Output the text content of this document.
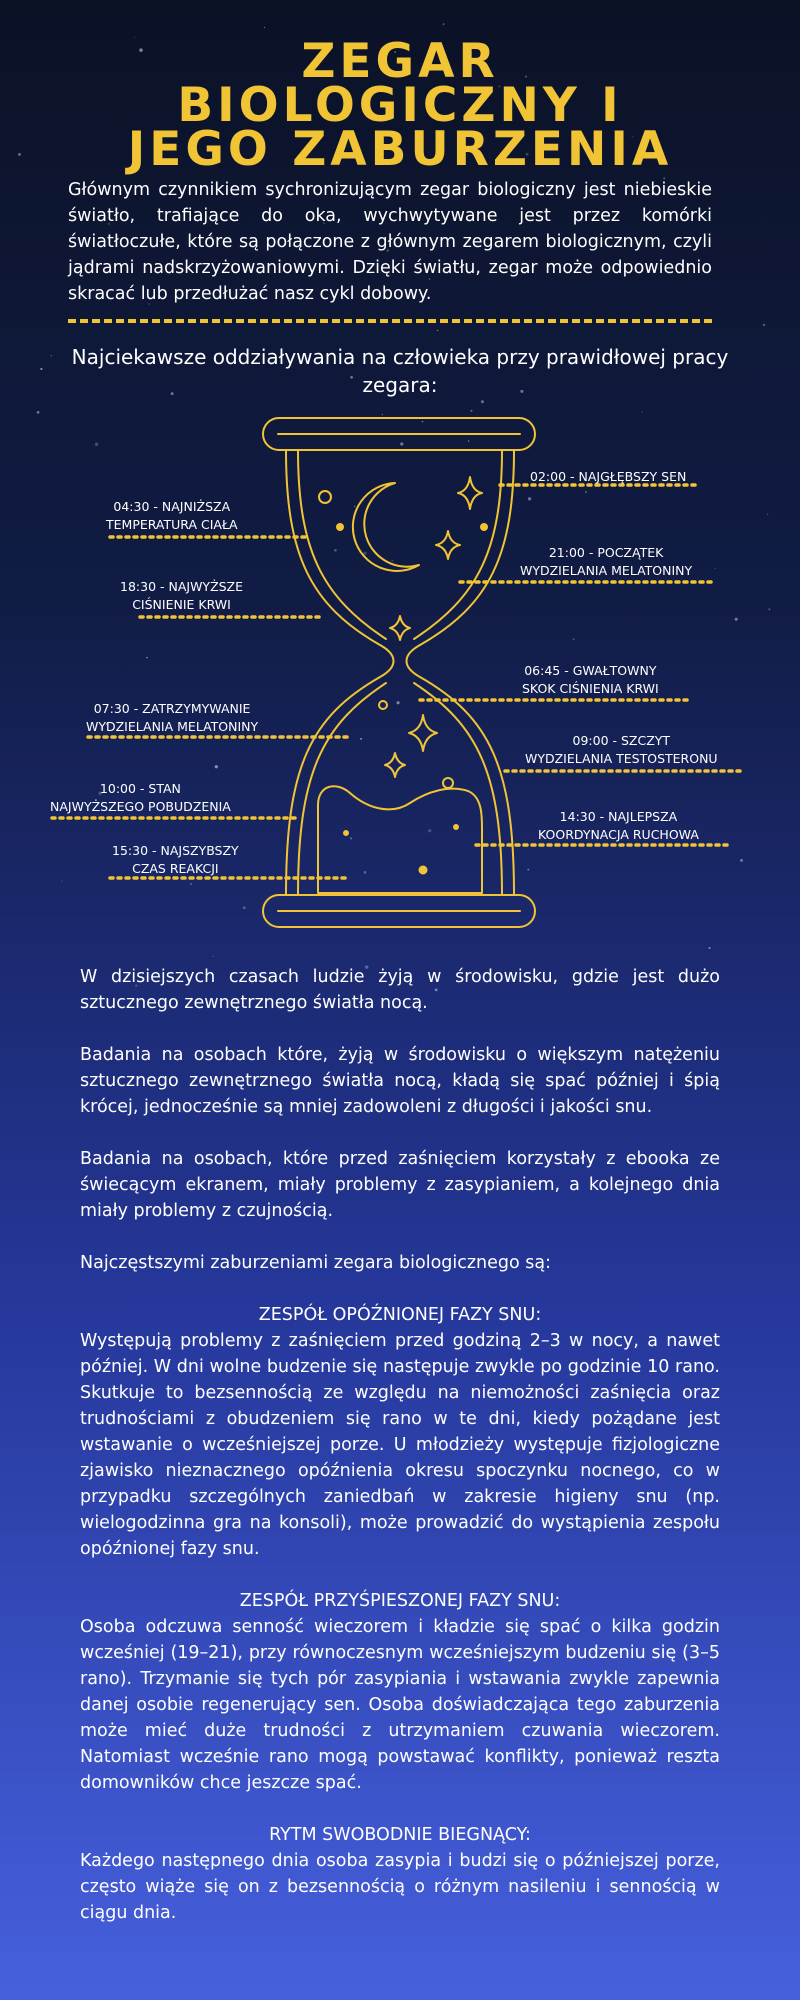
ZEGAR
BIOLOGICZNY I
JEGO ZABURZENIA

Głównym czynnikiem sychronizującym zegar biologiczny jest niebieskie światło, trafiające do oka, wychwytywane jest przez komórki światłoczułe, które są połączone z głównym zegarem biologicznym, czyli jądrami nadskrzyżowaniowymi. Dzięki światłu, zegar może odpowiednio skracać lub przedłużać nasz cykl dobowy.

Najciekawsze oddziaływania na człowieka przy prawidłowej pracy zegara:

04:30 - NAJNIŻSZA
TEMPERATURA CIAŁA
18:30 - NAJWYŻSZE
CIŚNIENIE KRWI
07:30 - ZATRZYMYWANIE
WYDZIELANIA MELATONINY
10:00 - STAN
NAJWYŻSZEGO POBUDZENIA
15:30 - NAJSZYBSZY
CZAS REAKCJI
02:00 - NAJGŁĘBSZY SEN
21:00 - POCZĄTEK
WYDZIELANIA MELATONINY
06:45 - GWAŁTOWNY
SKOK CIŚNIENIA KRWI
09:00 - SZCZYT
WYDZIELANIA TESTOSTERONU
14:30 - NAJLEPSZA
KOORDYNACJA RUCHOWA

W dzisiejszych czasach ludzie żyją w środowisku, gdzie jest dużo sztucznego zewnętrznego światła nocą.

Badania na osobach które, żyją w środowisku o większym natężeniu sztucznego zewnętrznego światła nocą, kładą się spać później i śpią krócej, jednocześnie są mniej zadowoleni z długości i jakości snu.

Badania na osobach, które przed zaśnięciem korzystały z ebooka ze świecącym ekranem, miały problemy z zasypianiem, a kolejnego dnia miały problemy z czujnością.

Najczęstszymi zaburzeniami zegara biologicznego są:

ZESPÓŁ OPÓŹNIONEJ FAZY SNU:
Występują problemy z zaśnięciem przed godziną 2–3 w nocy, a nawet później. W dni wolne budzenie się następuje zwykle po godzinie 10 rano. Skutkuje to bezsennością ze względu na niemożności zaśnięcia oraz trudnościami z obudzeniem się rano w te dni, kiedy pożądane jest wstawanie o wcześniejszej porze. U młodzieży występuje fizjologiczne zjawisko nieznacznego opóźnienia okresu spoczynku nocnego, co w przypadku szczególnych zaniedbań w zakresie higieny snu (np. wielogodzinna gra na konsoli), może prowadzić do wystąpienia zespołu opóźnionej fazy snu.
ZESPÓŁ PRZYŚPIESZONEJ FAZY SNU:
Osoba odczuwa senność wieczorem i kładzie się spać o kilka godzin wcześniej (19–21), przy równoczesnym wcześniejszym budzeniu się (3–5 rano). Trzymanie się tych pór zasypiania i wstawania zwykle zapewnia danej osobie regenerujący sen. Osoba doświadczająca tego zaburzenia może mieć duże trudności z utrzymaniem czuwania wieczorem. Natomiast wcześnie rano mogą powstawać konflikty, ponieważ reszta domowników chce jeszcze spać.
RYTM SWOBODNIE BIEGNĄCY:
Każdego następnego dnia osoba zasypia i budzi się o późniejszej porze, często wiąże się on z bezsennością o różnym nasileniu i sennością w ciągu dnia.
